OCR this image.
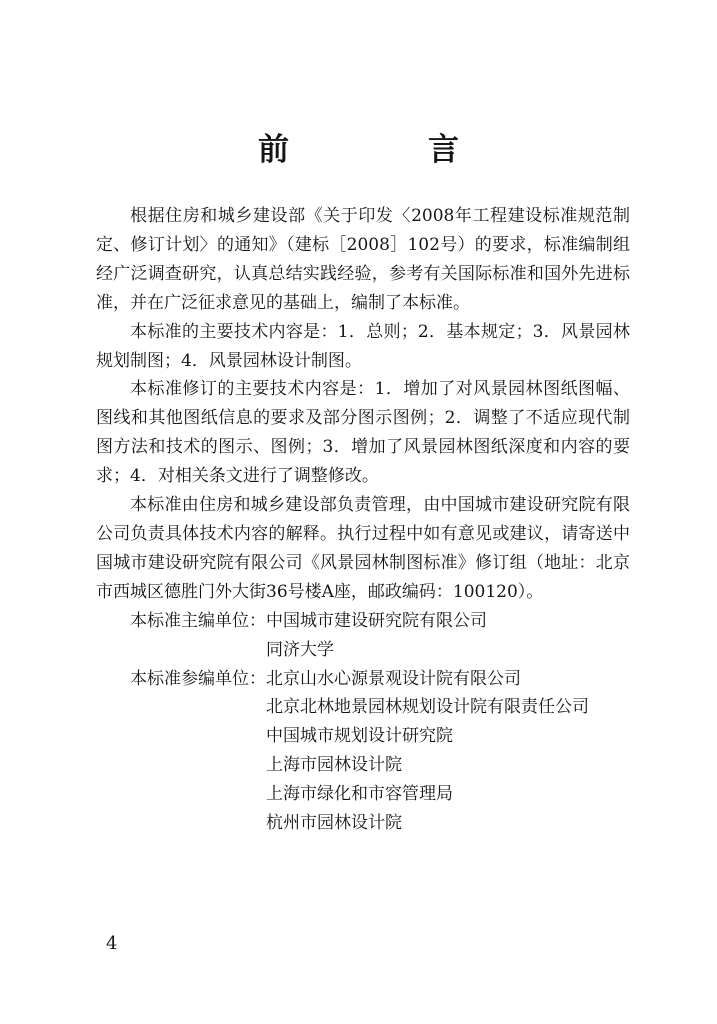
前　言

根据住房和城乡建设部《关于印发〈2008年工程建设标准规范制定、修订计划〉的通知》（建标［2008］102号）的要求，标准编制组经广泛调查研究，认真总结实践经验，参考有关国际标准和国外先进标准，并在广泛征求意见的基础上，编制了本标准。

本标准的主要技术内容是：1．总则；2．基本规定；3．风景园林规划制图；4．风景园林设计制图。

本标准修订的主要技术内容是：1．增加了对风景园林图纸图幅、图线和其他图纸信息的要求及部分图示图例；2．调整了不适应现代制图方法和技术的图示、图例；3．增加了风景园林图纸深度和内容的要求；4．对相关条文进行了调整修改。

本标准由住房和城乡建设部负责管理，由中国城市建设研究院有限公司负责具体技术内容的解释。执行过程中如有意见或建议，请寄送中国城市建设研究院有限公司《风景园林制图标准》修订组（地址：北京市西城区德胜门外大街36号楼A座，邮政编码：100120）。

本标准主编单位： 中国城市建设研究院有限公司
同济大学
本标准参编单位： 北京山水心源景观设计院有限公司
北京北林地景园林规划设计院有限责任公司
中国城市规划设计研究院
上海市园林设计院
上海市绿化和市容管理局
杭州市园林设计院
4
